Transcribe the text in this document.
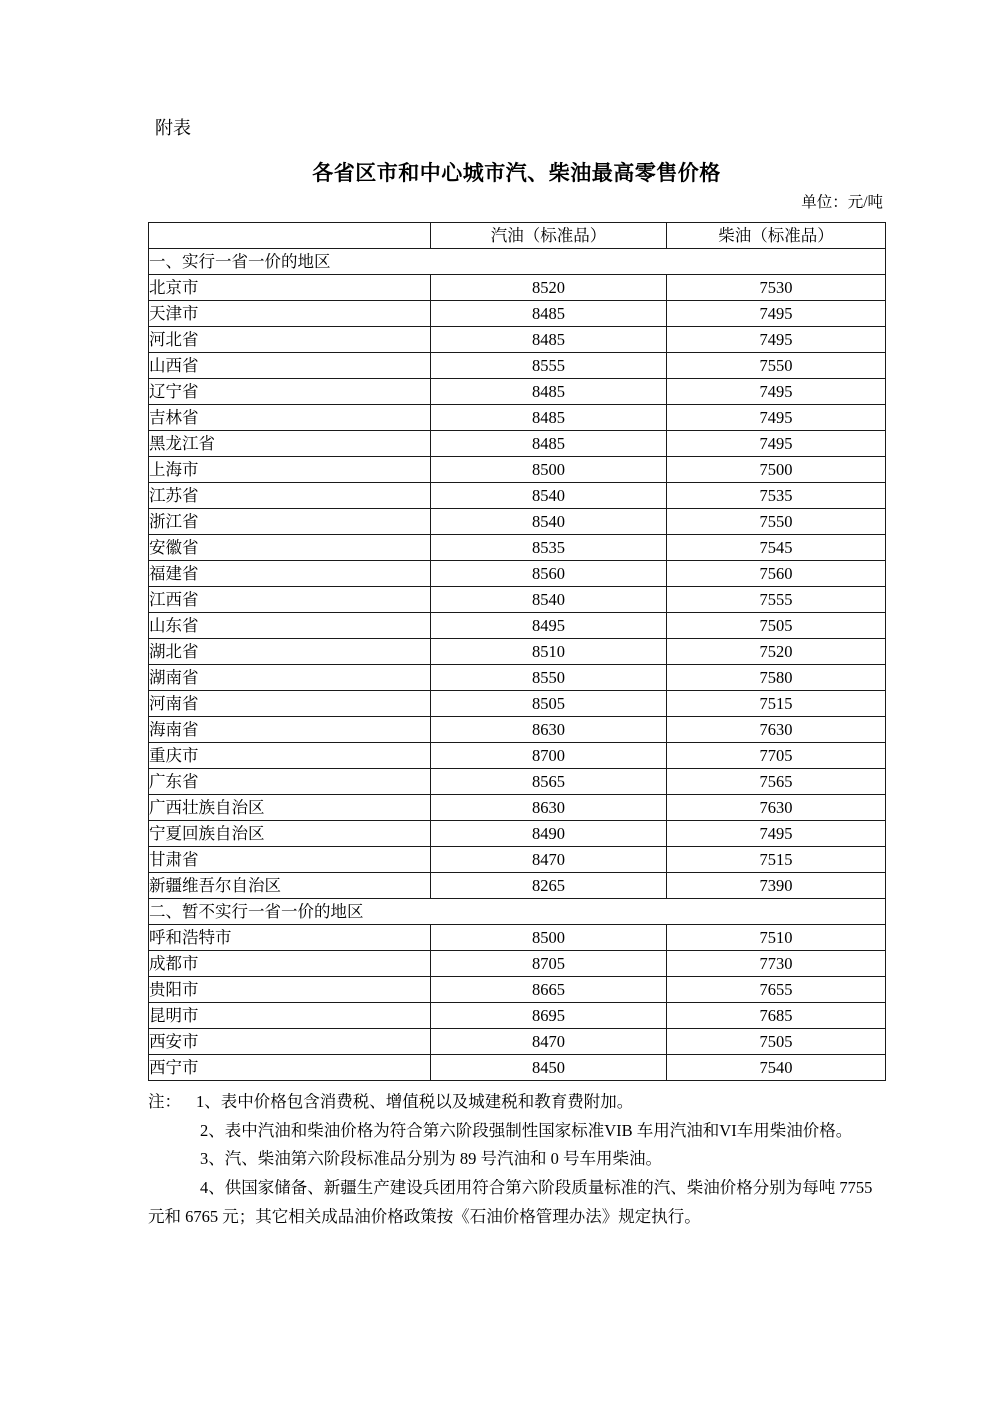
附表
各省区市和中心城市汽、柴油最高零售价格
单位：元/吨
	汽油（标准品）	柴油（标准品）
一、实行一省一价的地区		
北京市	8520	7530
天津市	8485	7495
河北省	8485	7495
山西省	8555	7550
辽宁省	8485	7495
吉林省	8485	7495
黑龙江省	8485	7495
上海市	8500	7500
江苏省	8540	7535
浙江省	8540	7550
安徽省	8535	7545
福建省	8560	7560
江西省	8540	7555
山东省	8495	7505
湖北省	8510	7520
湖南省	8550	7580
河南省	8505	7515
海南省	8630	7630
重庆市	8700	7705
广东省	8565	7565
广西壮族自治区	8630	7630
宁夏回族自治区	8490	7495
甘肃省	8470	7515
新疆维吾尔自治区	8265	7390
二、暂不实行一省一价的地区		
呼和浩特市	8500	7510
成都市	8705	7730
贵阳市	8665	7655
昆明市	8695	7685
西安市	8470	7505
西宁市	8450	7540

注： 1、表中价格包含消费税、增值税以及城建税和教育费附加。

2、表中汽油和柴油价格为符合第六阶段强制性国家标准VIB 车用汽油和VI车用柴油价格。

3、汽、柴油第六阶段标准品分别为 89 号汽油和 0 号车用柴油。

4、供国家储备、新疆生产建设兵团用符合第六阶段质量标准的汽、柴油价格分别为每吨 7755 元和 6765 元；其它相关成品油价格政策按《石油价格管理办法》规定执行。
